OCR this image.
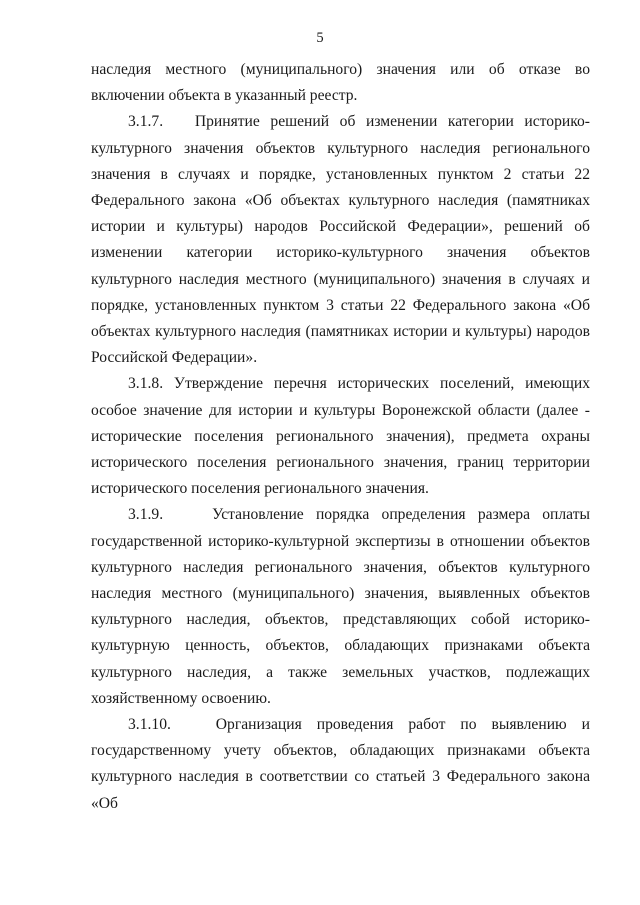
5

наследия местного (муниципального) значения или об отказе во включении объекта в указанный реестр.

3.1.7.   Принятие решений об изменении категории историко-культурного значения объектов культурного наследия регионального значения в случаях и порядке, установленных пунктом 2 статьи 22 Федерального закона «Об объектах культурного наследия (памятниках истории и культуры) народов Российской Федерации», решений об изменении категории историко-культурного значения объектов культурного наследия местного (муниципального) значения в случаях и порядке, установленных пунктом 3 статьи 22 Федерального закона «Об объектах культурного наследия (памятниках истории и культуры) народов Российской Федерации».

3.1.8. Утверждение перечня исторических поселений, имеющих особое значение для истории и культуры Воронежской области (далее - исторические поселения регионального значения), предмета охраны исторического поселения регионального значения, границ территории исторического поселения регионального значения.

3.1.9.    Установление порядка определения размера оплаты государственной историко-культурной экспертизы в отношении объектов культурного наследия регионального значения, объектов культурного наследия местного (муниципального) значения, выявленных объектов культурного наследия, объектов, представляющих собой историко-культурную ценность, объектов, обладающих признаками объекта культурного наследия, а также земельных участков, подлежащих хозяйственному освоению.

3.1.10.   Организация проведения работ по выявлению и государственному учету объектов, обладающих признаками объекта культурного наследия в соответствии со статьей 3 Федерального закона «Об
